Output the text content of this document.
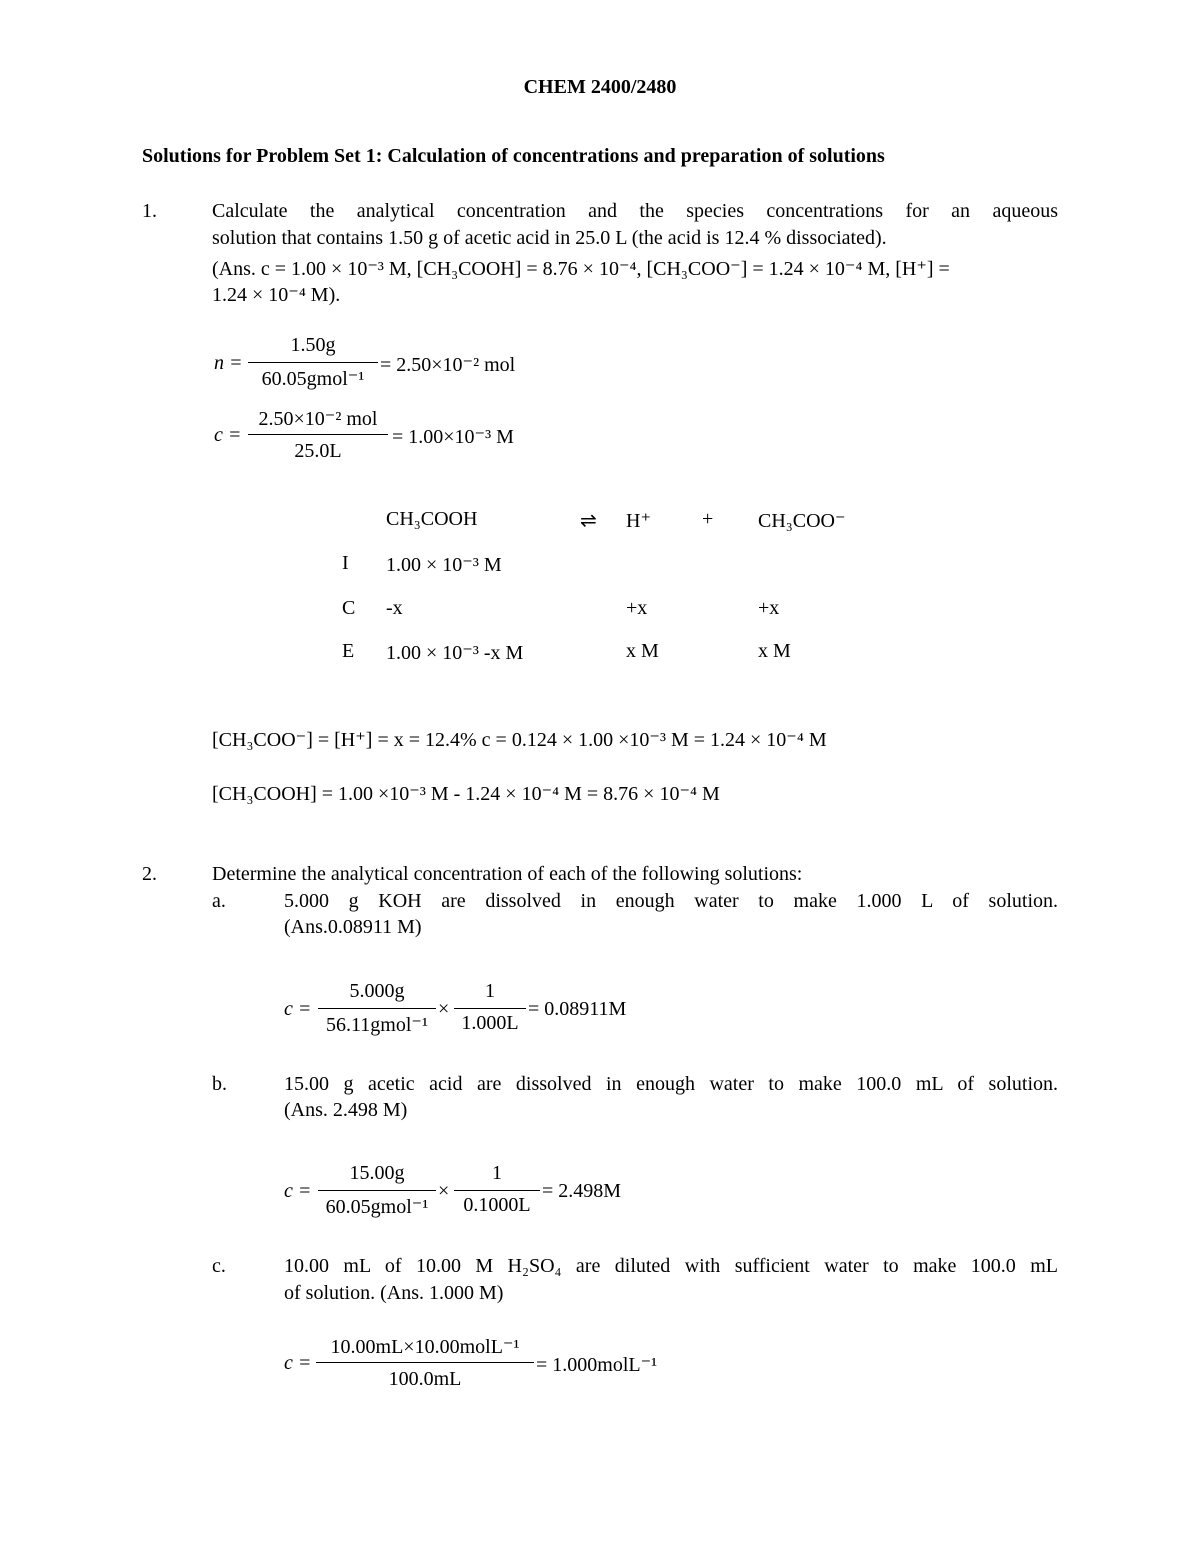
CHEM 2400/2480
Solutions for Problem Set 1: Calculation of concentrations and preparation of solutions
1.	Calculate the analytical concentration and the species concentrations for an aqueous
solution that contains 1.50 g of acetic acid in 25.0 L (the acid is 12.4 % dissociated).
(Ans. c = 1.00 × 10⁻³ M, [CH₃COOH] = 8.76 × 10⁻⁴, [CH₃COO⁻] = 1.24 × 10⁻⁴ M, [H⁺] =
1.24 × 10⁻⁴ M).
n =
1.50g
60.05gmol⁻¹
= 2.50×10⁻² mol
c =
2.50×10⁻² mol
25.0L
= 1.00×10⁻³ M
CH₃COOH	⇌ H⁺	+ CH₃COO⁻
I 1.00 × 10⁻³ M
C -x	+x	+x
E 1.00 × 10⁻³ -x M	x M	x M
[CH₃COO⁻] = [H⁺] = x = 12.4% c = 0.124 × 1.00 ×10⁻³ M = 1.24 × 10⁻⁴ M
[CH₃COOH] = 1.00 ×10⁻³ M - 1.24 × 10⁻⁴ M = 8.76 × 10⁻⁴ M
2.	Determine the analytical concentration of each of the following solutions:
a.	5.000 g KOH are dissolved in enough water to make 1.000 L of solution.
(Ans.0.08911 M)
c =
5.000g
56.11gmol⁻¹
×
1
1.000L
= 0.08911M
b.	15.00 g acetic acid are dissolved in enough water to make 100.0 mL of solution.
(Ans. 2.498 M)
c =
15.00g
60.05gmol⁻¹
×
1
0.1000L
= 2.498M
c.	10.00 mL of 10.00 M H₂SO₄ are diluted with sufficient water to make 100.0 mL
of solution. (Ans. 1.000 M)
c =
10.00mL×10.00molL⁻¹
100.0mL
= 1.000molL⁻¹
